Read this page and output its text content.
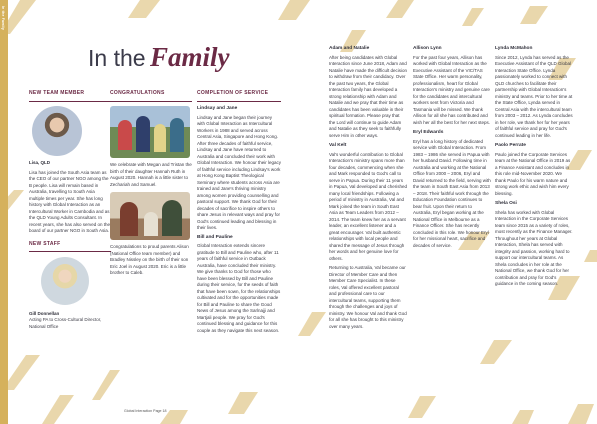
In the Family
In the Family
NEW TEAM MEMBER

Lisa, QLD

Lisa has joined the South Asia team as the CEO of our partner NGO among the B people. Lisa will remain based in Australia, travelling to South Asia multiple times per year. She has long history with Global Interaction as an Intercultural Worker in Cambodia and as the QLD Young Adults Consultant. In recent years, she has also served on the board of our partner NGO in South Asia.

NEW STAFF

Gill Donnellan

Acting PA to Cross-Cultural Director, National Office

CONGRATULATIONS

We celebrate with Megan and Tristan the birth of their daughter Hannah Ruth in August 2020. Hannah is a little sister to Zechariah and Samuel.

Congratulations to proud parents Alison (National Office team member) and Bradley Nissley on the birth of their son Eric Joel in August 2020. Eric is a little brother to Caleb.

COMPLETION OF SERVICE
Lindsay and Jane

Lindsay and Jane began their journey with Global Interaction as Intercultural Workers in 1988 and served across Central Asia, Singapore and Hong Kong. After three decades of faithful service, Lindsay and Jane have returned to Australia and concluded their work with Global Interaction. We honour their legacy of faithful service including Lindsay's work at Hong Kong Baptist Theological Seminary where students across Asia are trained and Jane's thriving ministry among women providing counselling and pastoral support. We thank God for their decades of sacrifice to inspire others to share Jesus in relevant ways and pray for God's continued leading and blessing in their lives.

Bill and Pauline

Global Interaction extends sincere gratitude to Bill and Pauline who, after 11 years of faithful service in Outback Australia, have concluded their ministry. We give thanks to God for those who have been blessed by Bill and Pauline during their service, for the seeds of faith that have been sown, for the relationships cultivated and for the opportunities made for Bill and Pauline to share the Good News of Jesus among the Sarlnajji and Martjali people. We pray for God's continued blessing and guidance for this couple as they navigate this next season.

Adam and Natalie

After being candidates with Global Interaction since June 2018, Adam and Natalie have made the difficult decision to withdraw from their candidacy. Over the past two years, the Global Interaction family has developed a strong relationship with Adam and Natalie and we pray that their time as candidates has been valuable in their spiritual formation. Please pray that the Lord will continue to guide Adam and Natalie as they seek to faithfully serve Him in other ways.

Val Kelt

Val's wonderful contribution to Global Interaction's ministry spans more than four decades, commencing when she and Mark responded to God's call to serve in Papua. During their 11 years in Papua, Val developed and cherished many local friendships. Following a period of ministry in Australia, Val and Mark joined the team in South East Asia as Team Leaders from 2012 – 2014. The team knew her as a servant leader, an excellent listener and a great encourager. Val built authentic relationships with local people and shared the message of Jesus through her words and her genuine love for others.

Returning to Australia, Val became our Director of Member Care and then Member Care Specialist. In these roles, Val offered excellent pastoral and professional care to our intercultural teams, supporting them through the challenges and joys of ministry. We honour Val and thank God for all she has brought to this ministry over many years.

Allison Lynn

For the past four years, Allison has worked with Global Interaction as the Executive Assistant of the VIC/TAS State Office. Her warm personality, professionalism, heart for Global Interaction's ministry and genuine care for the candidates and intercultural workers sent from Victoria and Tasmania will be missed. We thank Allison for all she has contributed and wish her all the best for her next steps.

Eryl Edwards

Eryl has a long history of dedicated service with Global Interaction. From 1983 – 1986 she served in Papua with her husband David. Following time in Australia and working at the National Office from 2000 – 2006, Eryl and David returned to the field, serving with the team in South East Asia from 2013 – 2018. Their faithful work through the Education Foundation continues to bear fruit. Upon their return to Australia, Eryl began working at the National Office in Melbourne as a Finance Officer. She has recently concluded in this role. We honour Eryl for her missional heart, sacrifice and decades of service.

Lynda McMahon

Since 2012, Lynda has served as the Executive Assistant of the QLD Global Interaction State Office. Lynda passionately worked to connect with QLD churches to facilitate their partnership with Global Interaction's ministry and teams. Prior to her time at the State Office, Lynda served in Central Asia with the intercultural team from 2003 – 2012. As Lynda concludes in her role, we thank her for her years of faithful service and pray for God's continued leading in her life.

Paolo Perrate

Paulo joined the Corporate Services team at the National Office in 2019 as a Finance Assistant and concludes in this role mid-November 2020. We thank Paulo for his warm nature and strong work ethic and wish him every blessing.

Shela Osi

Shela has worked with Global Interaction in the Corporate Services team since 2015 as a variety of roles, most recently as the Finance Manager. Throughout her years at Global Interaction, Shela has served with integrity and passion, working hard to support our intercultural teams. As Shela concludes in her role at the National Office, we thank God for her contribution and pray for God's guidance in the coming season.

Global Interaction Page 18
